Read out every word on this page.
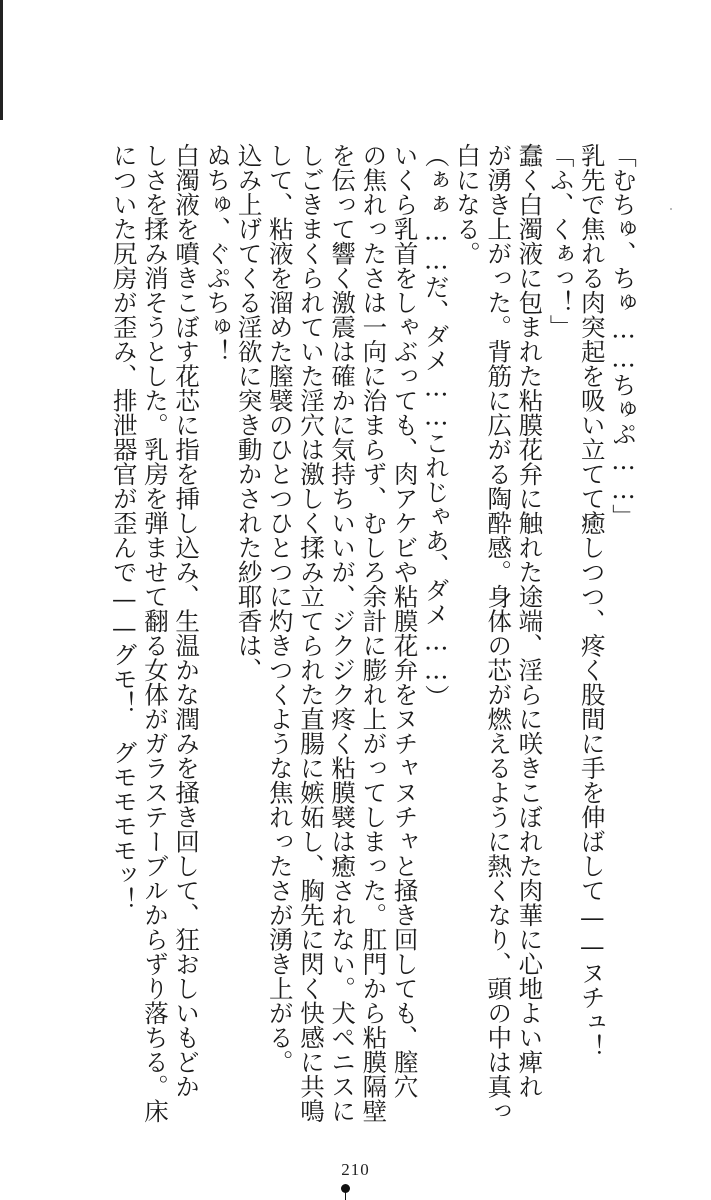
「むちゅ、ちゅ……ちゅぷ……」

乳先で焦れる肉突起を吸い立てて癒しつつ、疼く股間に手を伸ばして——ヌチュ！

「ふ、くぁっ！」

蠢く白濁液に包まれた粘膜花弁に触れた途端、淫らに咲きこぼれた肉華に心地よい痺れ

が湧き上がった。背筋に広がる陶酔感。身体の芯が燃えるように熱くなり、頭の中は真っ

白になる。

（ぁぁ……だ、ダメ……これじゃあ、ダメ……）

いくら乳首をしゃぶっても、肉アケビや粘膜花弁をヌチャヌチャと掻き回しても、膣穴

の焦れったさは一向に治まらず、むしろ余計に膨れ上がってしまった。肛門から粘膜隔壁

を伝って響く激震は確かに気持ちいいが、ジクジク疼く粘膜襞は癒されない。犬ペニスに

しごきまくられていた淫穴は激しく揉み立てられた直腸に嫉妬し、胸先に閃く快感に共鳴

して、粘液を溜めた膣襞のひとつひとつに灼きつくような焦れったさが湧き上がる。

込み上げてくる淫欲に突き動かされた紗耶香は、

ぬちゅ、ぐぷちゅ！

白濁液を噴きこぼす花芯に指を挿し込み、生温かな潤みを掻き回して、狂おしいもどか

しさを揉み消そうとした。乳房を弾ませて翻る女体がガラステーブルからずり落ちる。床

についた尻房が歪み、排泄器官が歪んで——グモ！　グモモモモッ！

210
